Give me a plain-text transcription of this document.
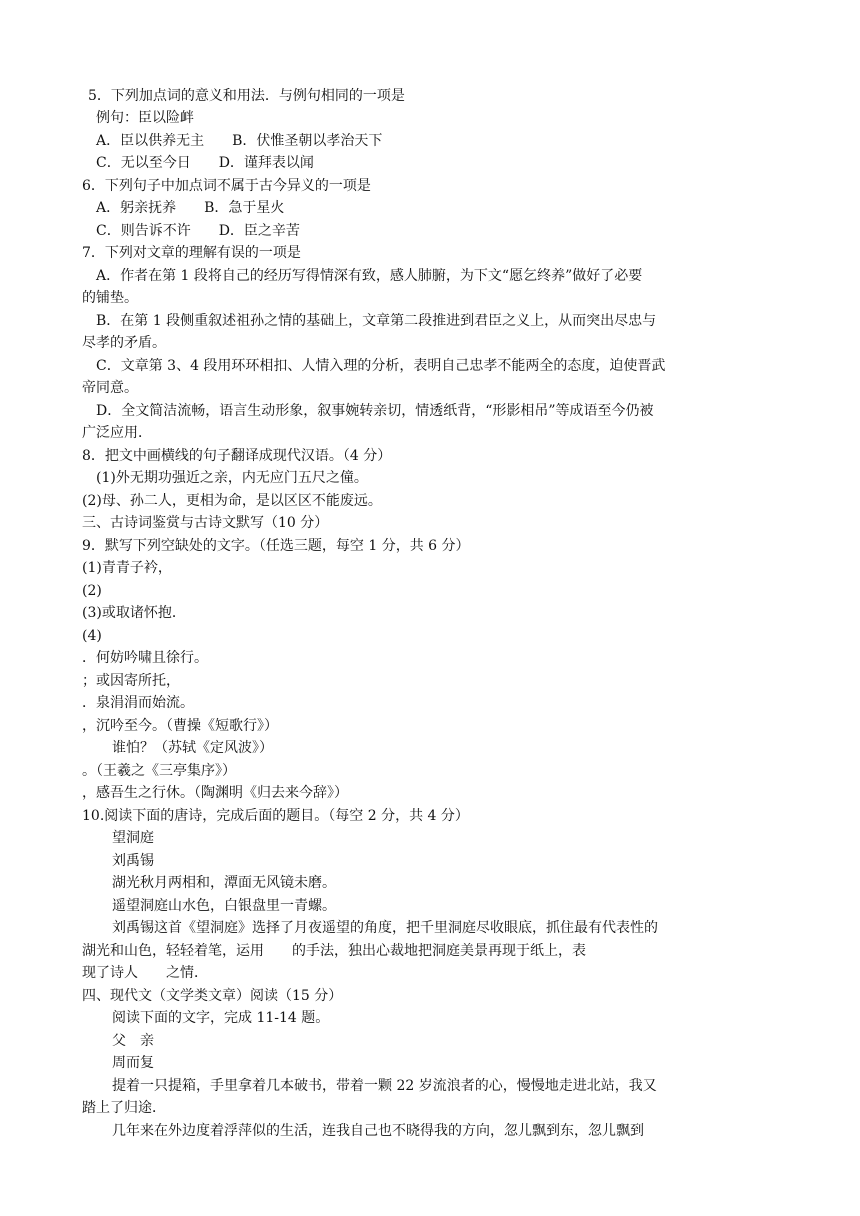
5．下列加点词的意义和用法．与例句相同的一项是
例句：臣以险衅
A．臣以供养无主　　B．伏惟圣朝以孝治天下
C．无以至今日　　D．谨拜表以闻
6．下列句子中加点词不属于古今异义的一项是
A．躬亲抚养　　B．急于星火
C．则告诉不许　　D．臣之辛苦
7．下列对文章的理解有误的一项是
A．作者在第 1 段将自己的经历写得情深有致，感人肺腑，为下文“愿乞终养”做好了必要
的铺垫。
B．在第 1 段侧重叙述祖孙之情的基础上，文章第二段推进到君臣之义上，从而突出尽忠与
尽孝的矛盾。
C．文章第 3、4 段用环环相扣、人情入理的分析，表明自己忠孝不能两全的态度，迫使晋武
帝同意。
D．全文简洁流畅，语言生动形象，叙事婉转亲切，情透纸背，“形影相吊”等成语至今仍被
广泛应用．
8．把文中画横线的句子翻译成现代汉语。（4 分）
(1)外无期功强近之亲，内无应门五尺之僮。
(2)母、孙二人，更相为命，是以区区不能废远。
三、古诗词鉴赏与古诗文默写（10 分）
9．默写下列空缺处的文字。（任选三题，每空 1 分，共 6 分）
(1)青青子衿，
(2)
(3)或取诸怀抱．
(4)
．何妨吟啸且徐行。
；或因寄所托，
．泉涓涓而始流。
，沉吟至今。（曹操《短歌行》）
谁怕？（苏轼《定风波》）
。（王羲之《三亭集序》）
，感吾生之行休。（陶渊明《归去来今辞》）
10.阅读下面的唐诗，完成后面的题目。（每空 2 分，共 4 分）
望洞庭
刘禹锡
湖光秋月两相和，潭面无风镜未磨。
遥望洞庭山水色，白银盘里一青螺。
刘禹锡这首《望洞庭》选择了月夜遥望的角度，把千里洞庭尽收眼底，抓住最有代表性的
湖光和山色，轻轻着笔，运用　　的手法，独出心裁地把洞庭美景再现于纸上，表
现了诗人　　之情．
四、现代文（文学类文章）阅读（15 分）
阅读下面的文字，完成 11-14 题。
父　亲
周而复
提着一只提箱，手里拿着几本破书，带着一颗 22 岁流浪者的心，慢慢地走进北站，我又
踏上了归途．
几年来在外边度着浮萍似的生活，连我自己也不晓得我的方向，忽儿飘到东，忽儿飘到
